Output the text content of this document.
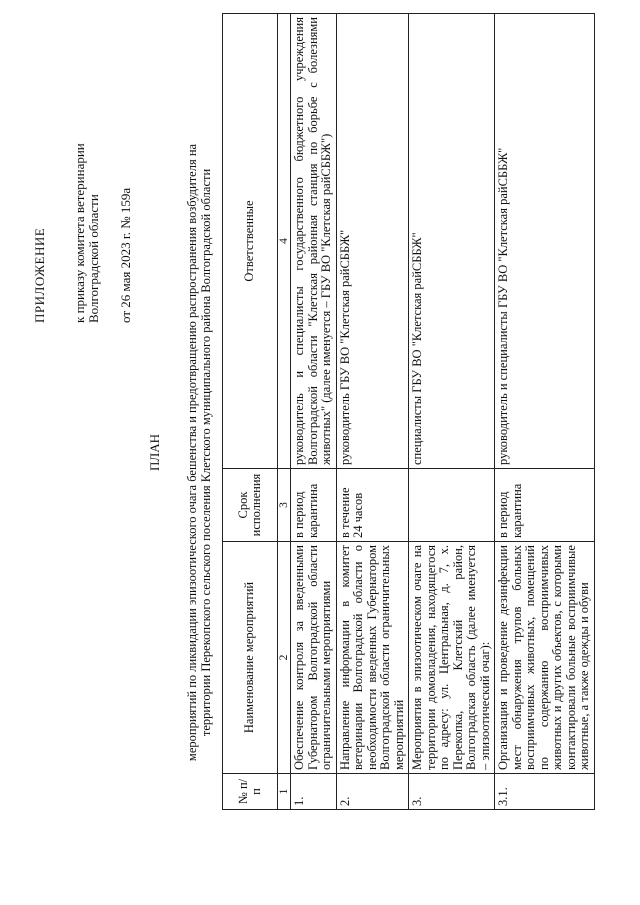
ПРИЛОЖЕНИЕ к приказу комитета ветеринарии Волгоградской области от 26 мая 2023 г. № 159а
ПЛАН мероприятий по ликвидации эпизоотического очага бешенства и предотвращению распространения возбудителя на территории Перекопского сельского поселения Клетского муниципального района Волгоградской области
№ п/п	Наименование мероприятий	Срок исполнения	Ответственные
1	2	3	4
1.	Обеспечение контроля за введенными Губернатором Волгоградской области ограничительными мероприятиями	в период карантина	руководитель и специалисты государственного бюджетного учреждения Волгоградской области "Клетская районная станция по борьбе с болезнями животных" (далее именуется – ГБУ ВО "Клетская райСББЖ")
2.	Направление информации в комитет ветеринарии Волгоградской области о необходимости введенных Губернатором Волгоградской области ограничительных мероприятий	в течение 24 часов	руководитель ГБУ ВО "Клетская райСББЖ"
3.	Мероприятия в эпизоотическом очаге на территории домовладения, находящегося по адресу: ул. Центральная, д. 7, х. Перекопка, Клетский район, Волгоградская область (далее именуется – эпизоотический очаг):		специалисты ГБУ ВО "Клетская райСББЖ"
3.1.	Организация и проведение дезинфекции мест обнаружения трупов больных восприимчивых животных, помещений по содержанию восприимчивых животных и других объектов, с которыми контактировали больные восприимчивые животные, а также одежды и обуви	в период карантина	руководитель и специалисты ГБУ ВО "Клетская райСББЖ"
